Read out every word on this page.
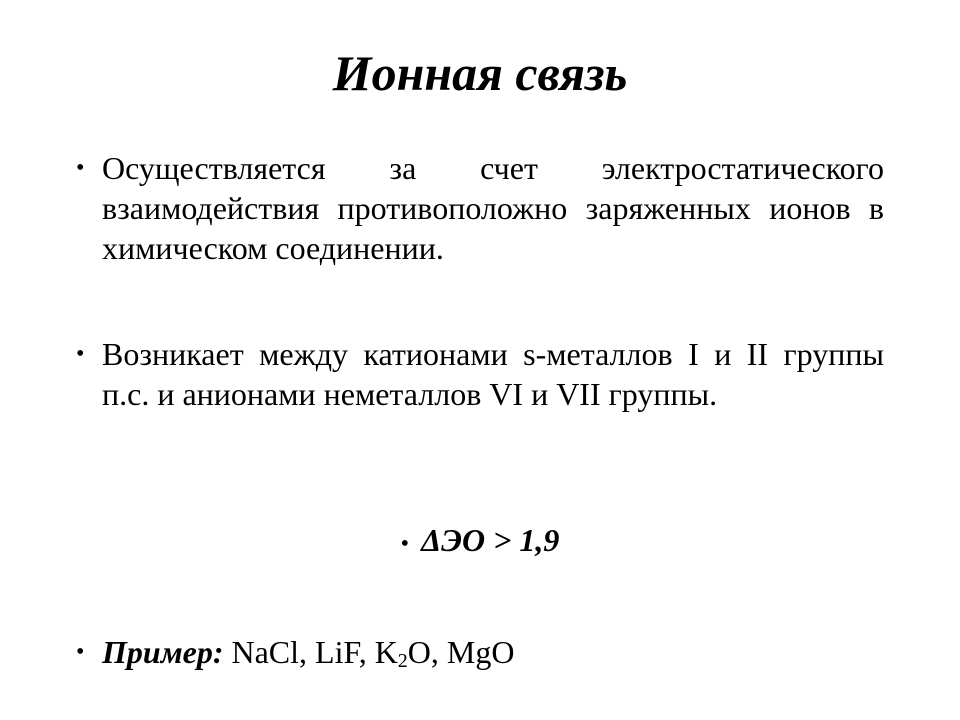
Ионная связь
• Осуществляется за счет электростатического взаимодействия противоположно заряженных ионов в химическом соединении.
• Возникает между катионами s-металлов I и II группы п.с. и анионами неметаллов VI и VII группы.
• ΔЭО > 1,9
• Пример: NaCl, LiF, $K_2O$, MgO
